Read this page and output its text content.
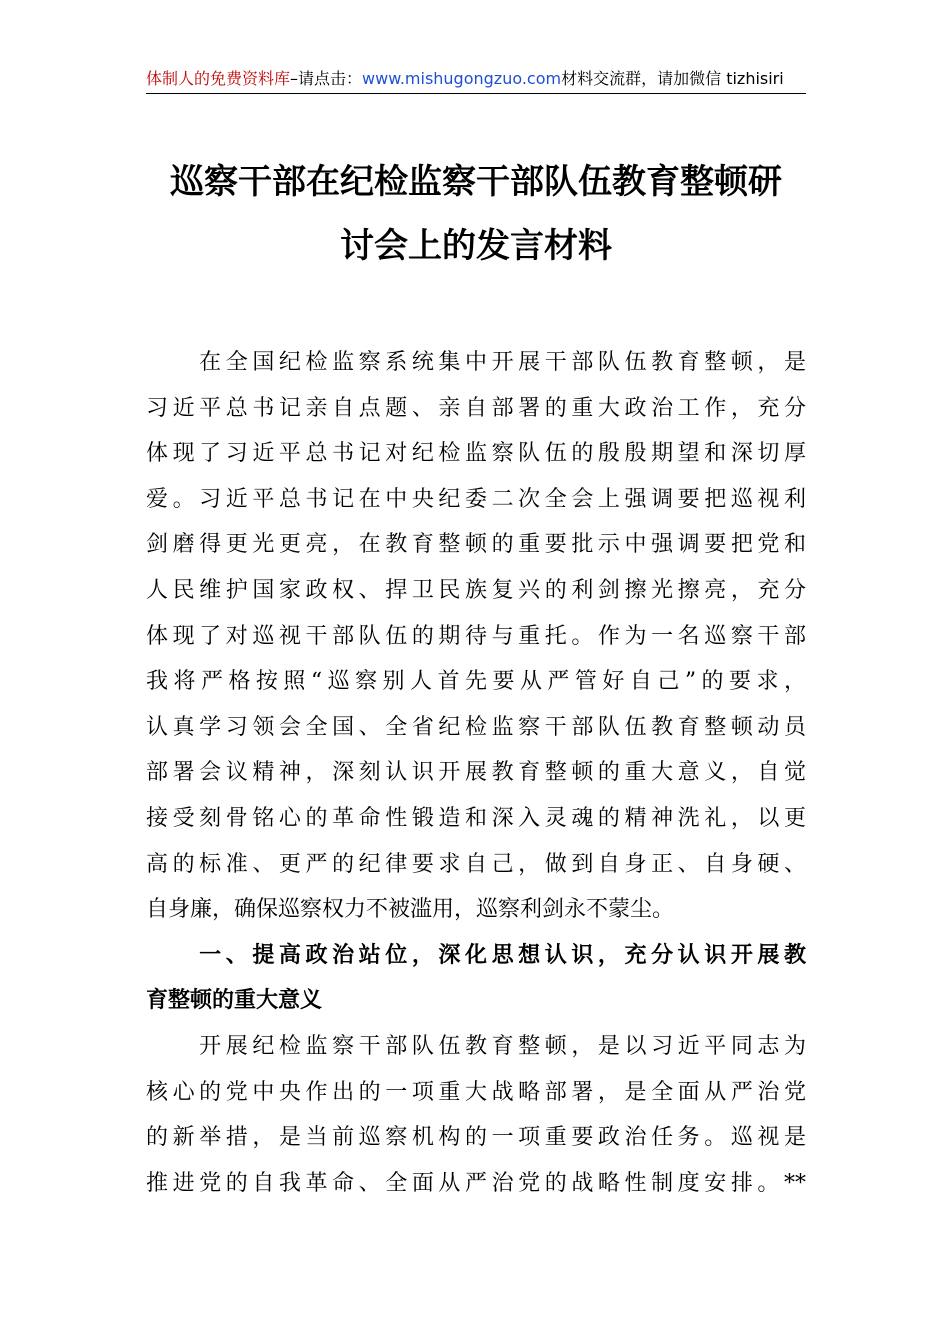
体制人的免费资料库–请点击：www.mishugongzuo.com材料交流群，请加微信 tizhisiri
巡察干部在纪检监察干部队伍教育整顿研
讨会上的发言材料
　　在全国纪检监察系统集中开展干部队伍教育整顿，是
习近平总书记亲自点题、亲自部署的重大政治工作，充分
体现了习近平总书记对纪检监察队伍的殷殷期望和深切厚
爱。习近平总书记在中央纪委二次全会上强调要把巡视利
剑磨得更光更亮，在教育整顿的重要批示中强调要把党和
人民维护国家政权、捍卫民族复兴的利剑擦光擦亮，充分
体现了对巡视干部队伍的期待与重托。作为一名巡察干部
我将严格按照“巡察别人首先要从严管好自己”的要求，
认真学习领会全国、全省纪检监察干部队伍教育整顿动员
部署会议精神，深刻认识开展教育整顿的重大意义，自觉
接受刻骨铭心的革命性锻造和深入灵魂的精神洗礼，以更
高的标准、更严的纪律要求自己，做到自身正、自身硬、
自身廉，确保巡察权力不被滥用，巡察利剑永不蒙尘。
　　一、提高政治站位，深化思想认识，充分认识开展教
育整顿的重大意义
　　开展纪检监察干部队伍教育整顿，是以习近平同志为
核心的党中央作出的一项重大战略部署，是全面从严治党
的新举措，是当前巡察机构的一项重要政治任务。巡视是
推进党的自我革命、全面从严治党的战略性制度安排。**
